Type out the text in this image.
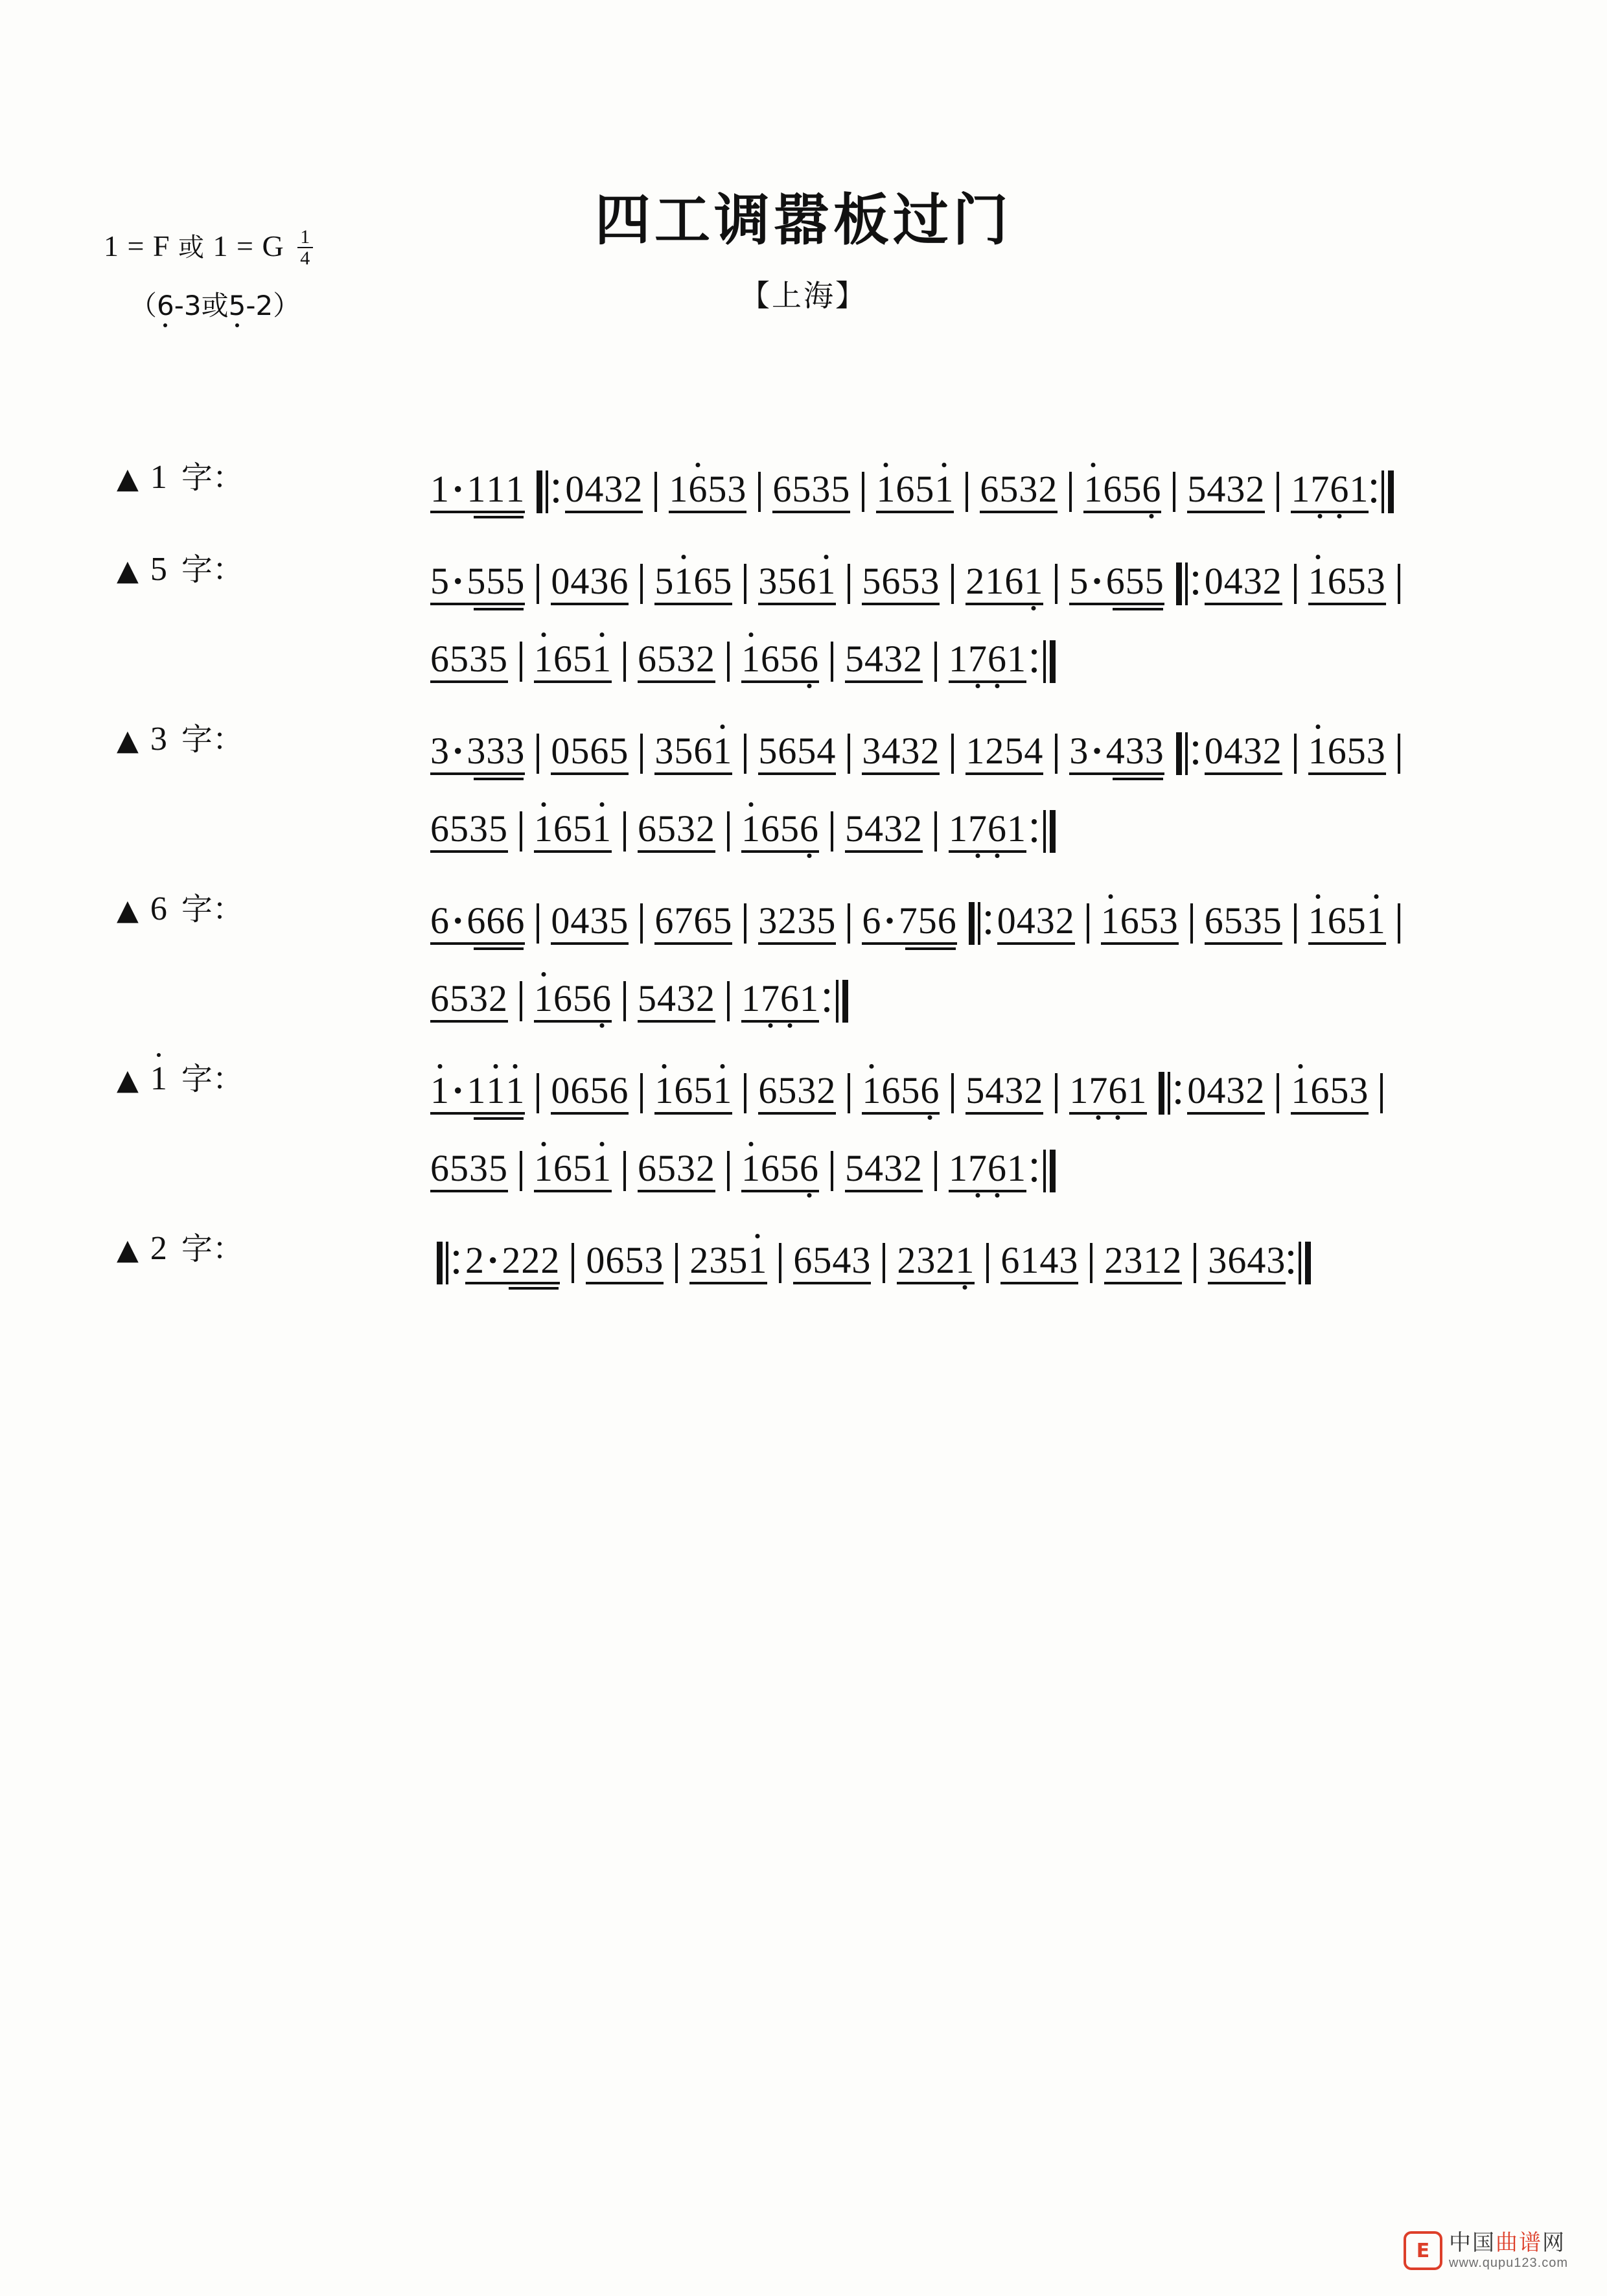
1 = F 或 1 = G $\frac{1}{4}$
（6-3或5-2）
四工调嚣板过门
【上海】
▲ 1 字：	1·111 0432 1653 6535 1651 6532 1656 5432 1761
▲ 5 字：	5·555 0436 5165 3561 5653 2161 5·655 0432 1653
6535 1651 6532 1656 5432 1761
▲ 3 字：	3·333 0565 3561 5654 3432 1254 3·433 0432 1653
6535 1651 6532 1656 5432 1761
▲ 6 字：	6·666 0435 6765 3235 6·756 0432 1653 6535 1651
6532 1656 5432 1761
▲ 1 字：	1·111 0656 1651 6532 1656 5432 1761 0432 1653
6535 1651 6532 1656 5432 1761
▲ 2 字：	2·222 0653 2351 6543 2321 6143 2312 3643
E 中国曲谱网
www.qupu123.com
